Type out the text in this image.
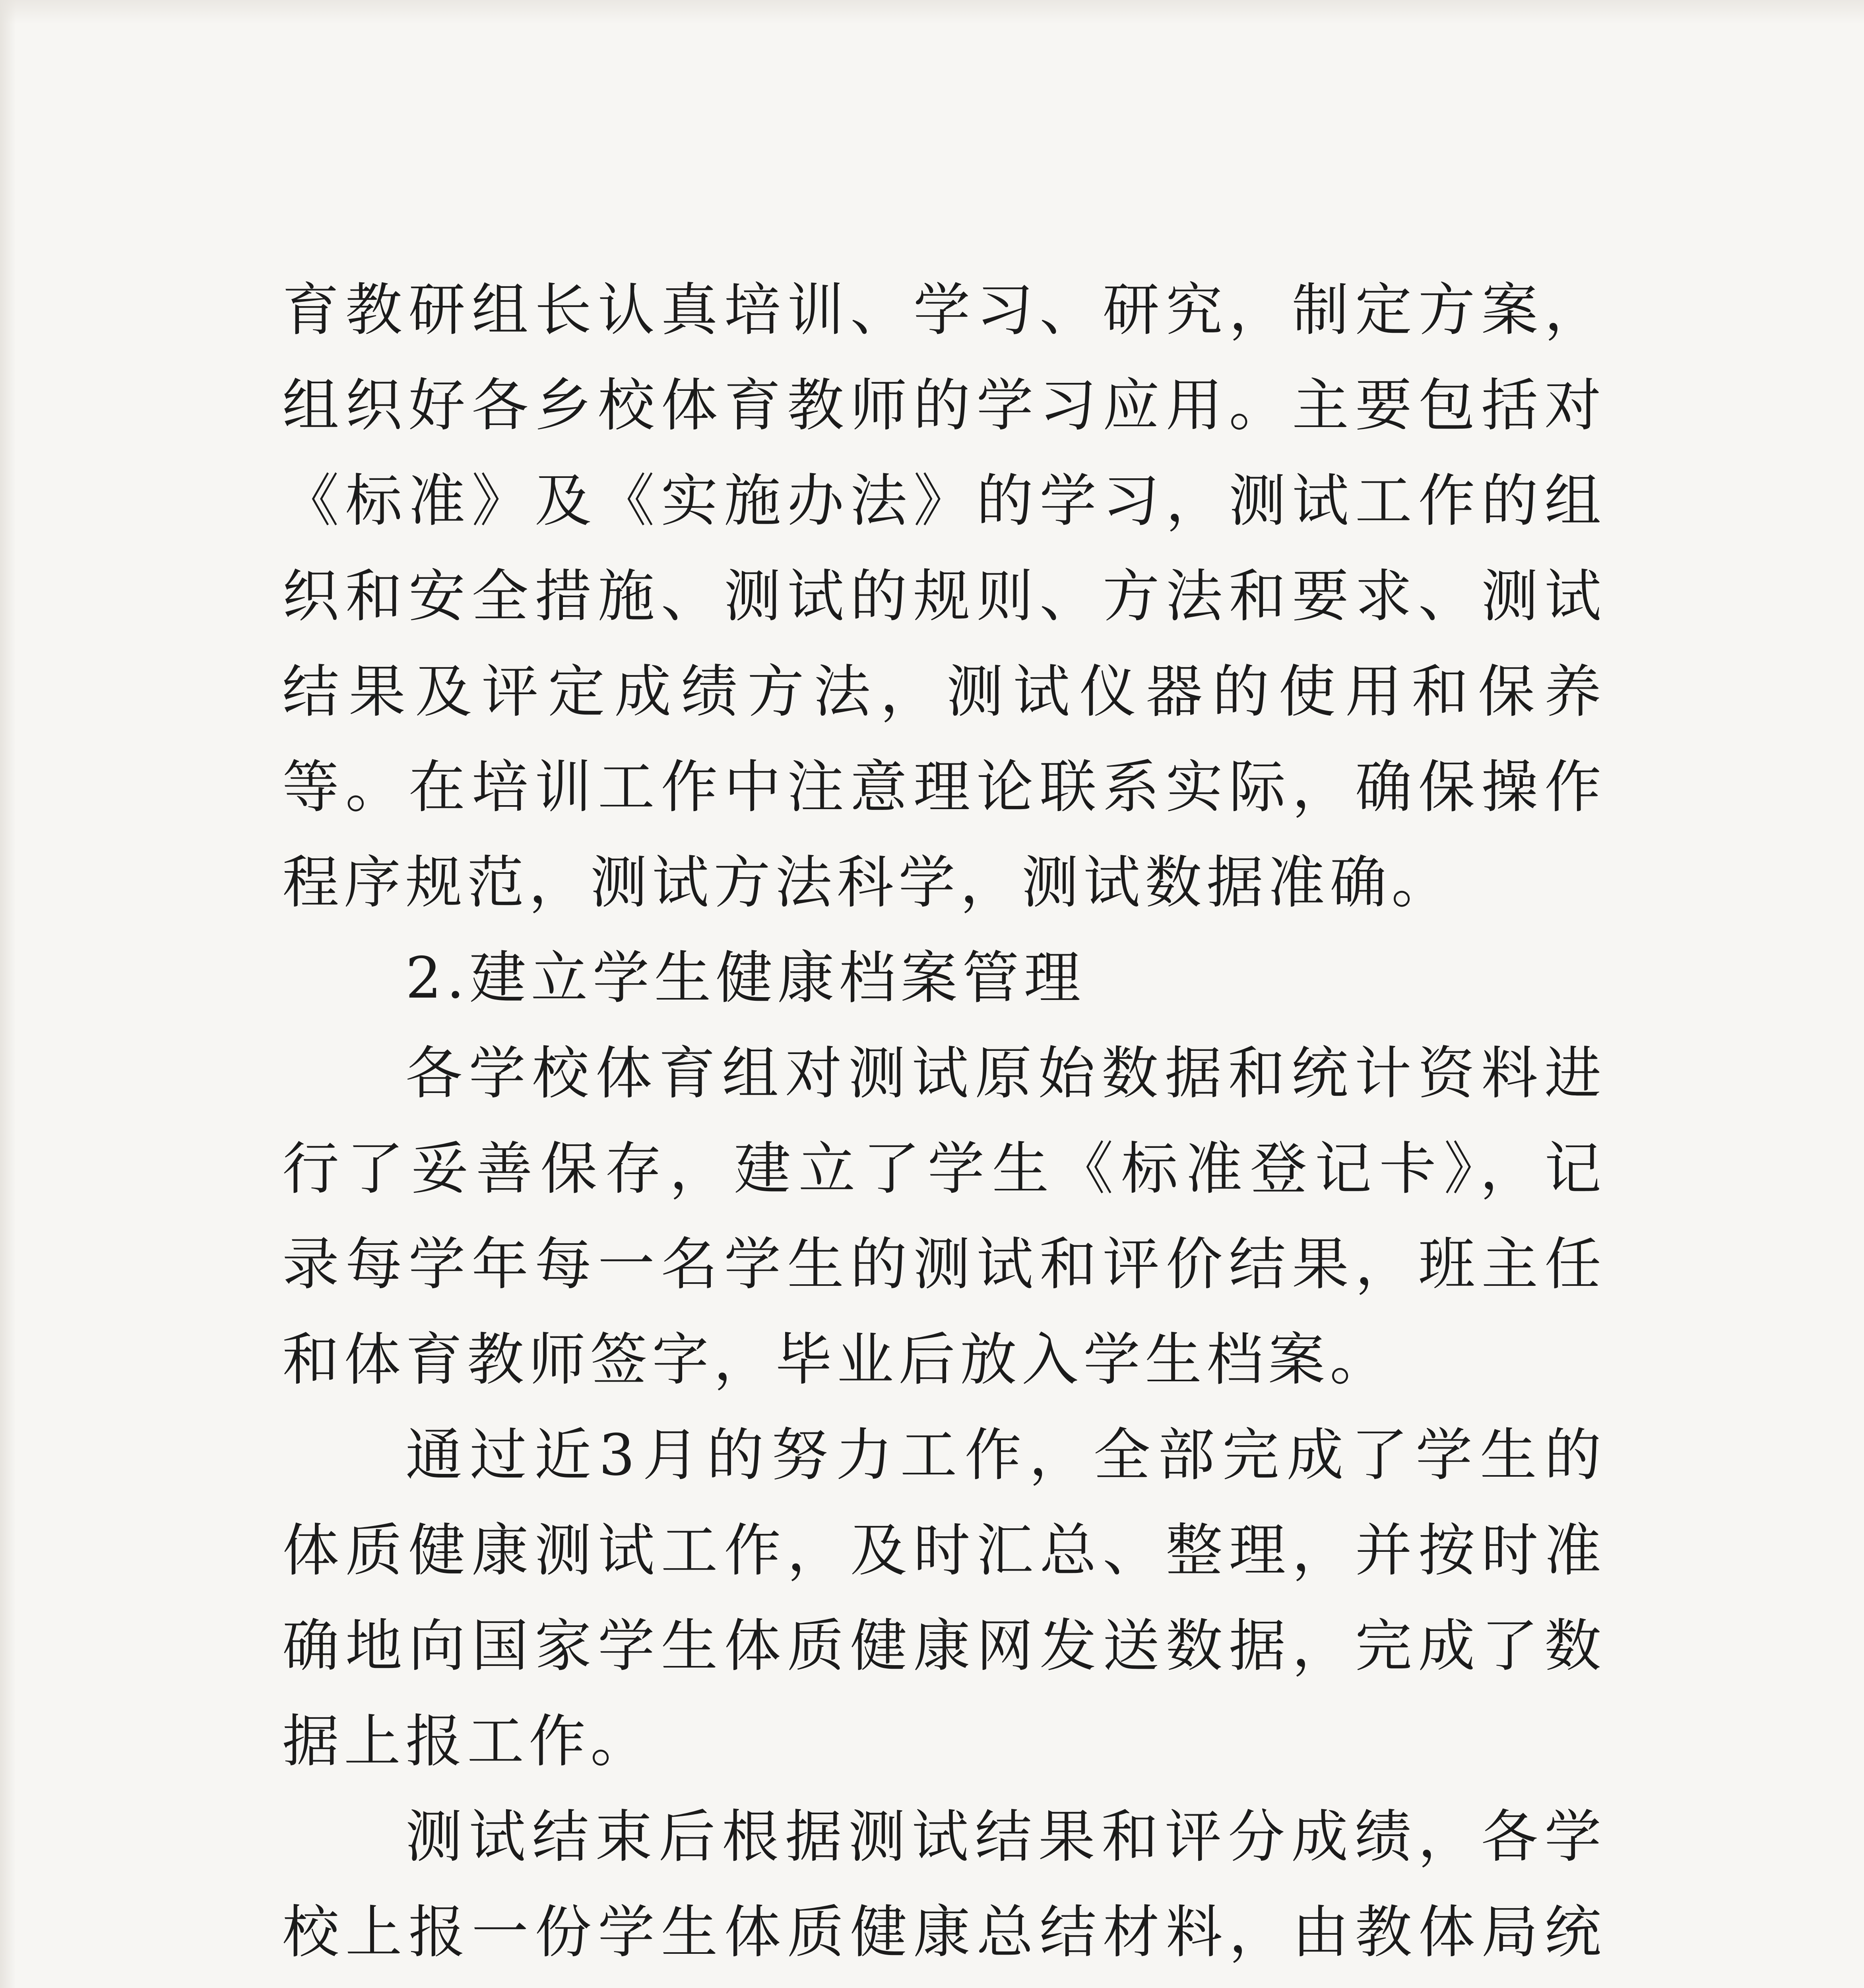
育教研组长认真培训、学习、研究，制定方案，组织好各乡校体育教师的学习应用。主要包括对《标准》及《实施办法》的学习，测试工作的组织和安全措施、测试的规则、方法和要求、测试结果及评定成绩方法，测试仪器的使用和保养等。在培训工作中注意理论联系实际，确保操作程序规范，测试方法科学，测试数据准确。

2.建立学生健康档案管理

各学校体育组对测试原始数据和统计资料进行了妥善保存，建立了学生《标准登记卡》，记录每学年每一名学生的测试和评价结果，班主任和体育教师签字，毕业后放入学生档案。

通过近3月的努力工作，全部完成了学生的体质健康测试工作，及时汇总、整理，并按时准确地向国家学生体质健康网发送数据，完成了数据上报工作。

测试结束后根据测试结果和评分成绩，各学校上报一份学生体质健康总结材料，由教体局统
